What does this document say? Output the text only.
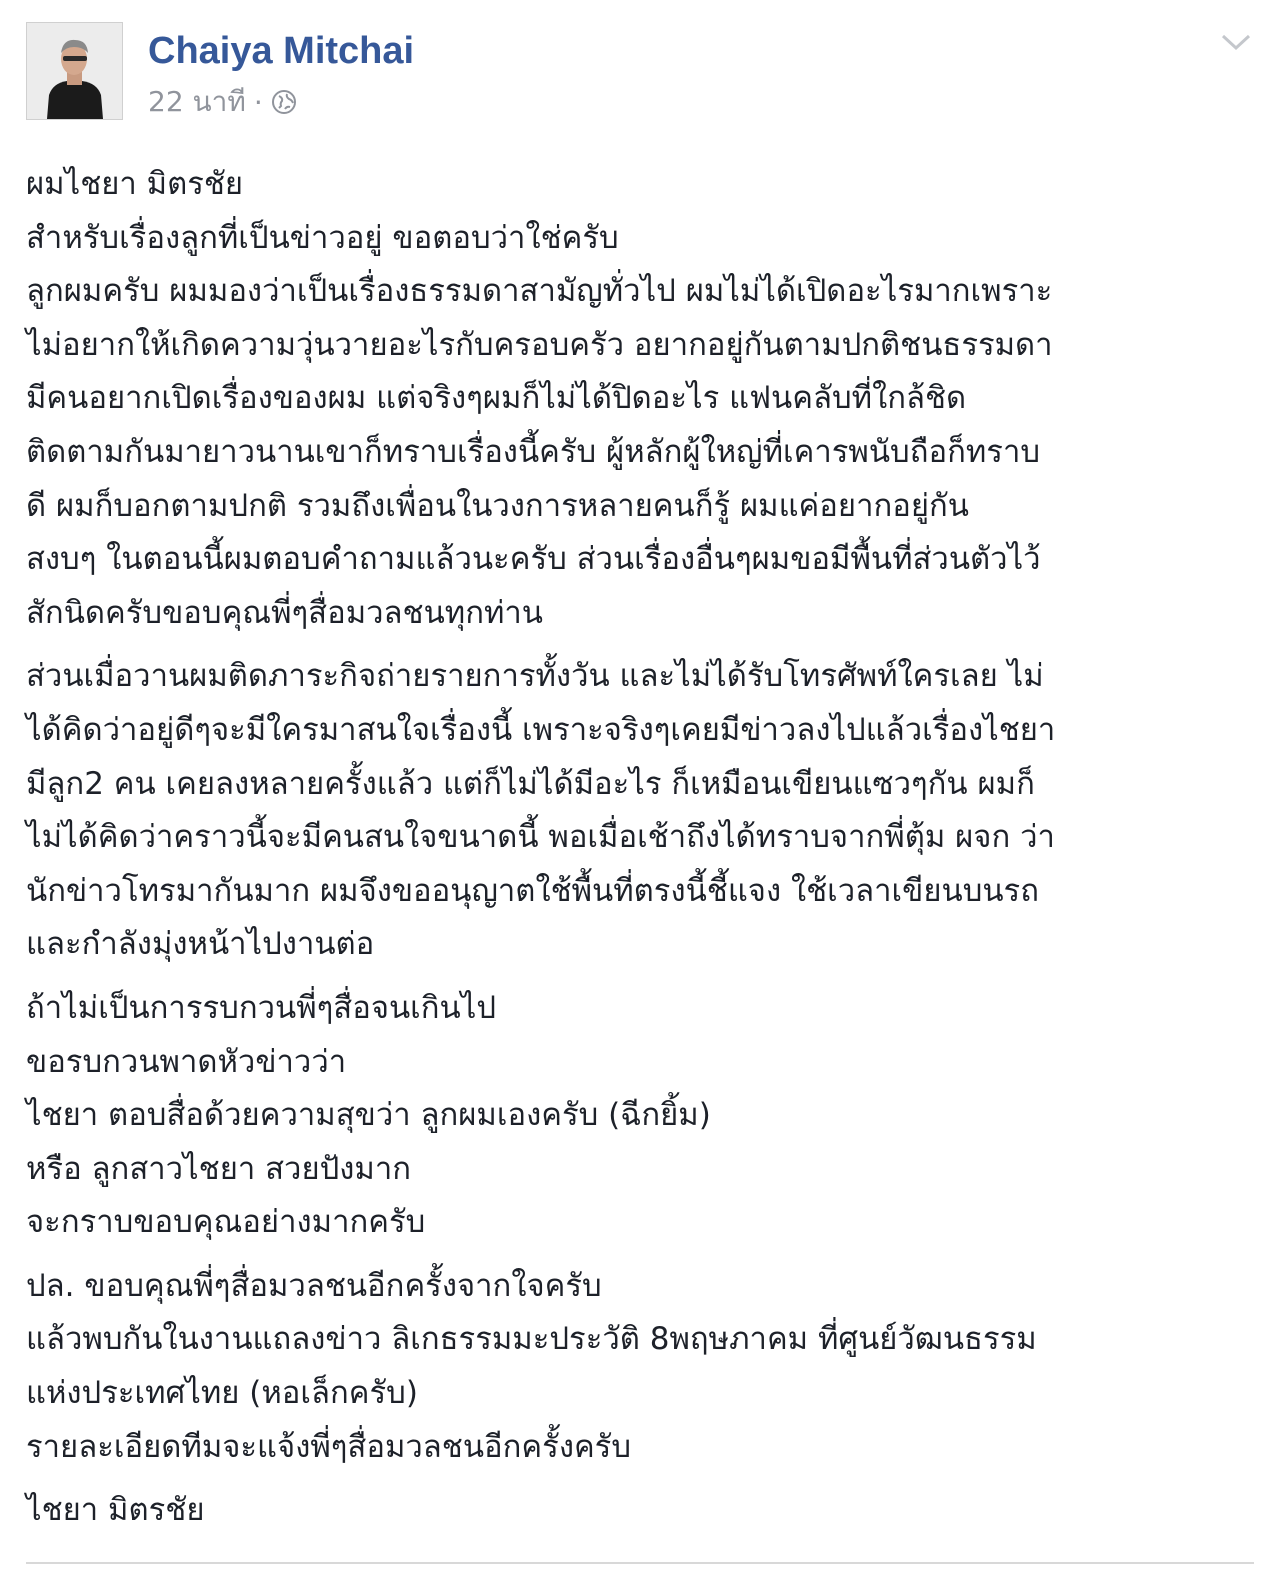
Chaiya Mitchai
22 นาที ·
ผมไชยา มิตรชัย
สำหรับเรื่องลูกที่เป็นข่าวอยู่ ขอตอบว่าใช่ครับ
ลูกผมครับ ผมมองว่าเป็นเรื่องธรรมดาสามัญทั่วไป ผมไม่ได้เปิดอะไรมากเพราะ
ไม่อยากให้เกิดความวุ่นวายอะไรกับครอบครัว อยากอยู่กันตามปกติชนธรรมดา
มีคนอยากเปิดเรื่องของผม แต่จริงๆผมก็ไม่ได้ปิดอะไร แฟนคลับที่ใกล้ชิด
ติดตามกันมายาวนานเขาก็ทราบเรื่องนี้ครับ ผู้หลักผู้ใหญ่ที่เคารพนับถือก็ทราบ
ดี ผมก็บอกตามปกติ รวมถึงเพื่อนในวงการหลายคนก็รู้ ผมแค่อยากอยู่กัน
สงบๆ ในตอนนี้ผมตอบคำถามแล้วนะครับ ส่วนเรื่องอื่นๆผมขอมีพื้นที่ส่วนตัวไว้
สักนิดครับขอบคุณพี่ๆสื่อมวลชนทุกท่าน
ส่วนเมื่อวานผมติดภาระกิจถ่ายรายการทั้งวัน และไม่ได้รับโทรศัพท์ใครเลย ไม่
ได้คิดว่าอยู่ดีๆจะมีใครมาสนใจเรื่องนี้ เพราะจริงๆเคยมีข่าวลงไปแล้วเรื่องไชยา
มีลูก2 คน เคยลงหลายครั้งแล้ว แต่ก็ไม่ได้มีอะไร ก็เหมือนเขียนแซวๆกัน ผมก็
ไม่ได้คิดว่าคราวนี้จะมีคนสนใจขนาดนี้ พอเมื่อเช้าถึงได้ทราบจากพี่ตุ้ม ผจก ว่า
นักข่าวโทรมากันมาก ผมจึงขออนุญาตใช้พื้นที่ตรงนี้ชี้แจง ใช้เวลาเขียนบนรถ
และกำลังมุ่งหน้าไปงานต่อ
ถ้าไม่เป็นการรบกวนพี่ๆสื่อจนเกินไป
ขอรบกวนพาดหัวข่าวว่า
ไชยา ตอบสื่อด้วยความสุขว่า ลูกผมเองครับ (ฉีกยิ้ม)
หรือ ลูกสาวไชยา สวยปังมาก
จะกราบขอบคุณอย่างมากครับ
ปล. ขอบคุณพี่ๆสื่อมวลชนอีกครั้งจากใจครับ
แล้วพบกันในงานแถลงข่าว ลิเกธรรมมะประวัติ 8พฤษภาคม ที่ศูนย์วัฒนธรรม
แห่งประเทศไทย (หอเล็กครับ)
รายละเอียดทีมจะแจ้งพี่ๆสื่อมวลชนอีกครั้งครับ
ไชยา มิตรชัย
